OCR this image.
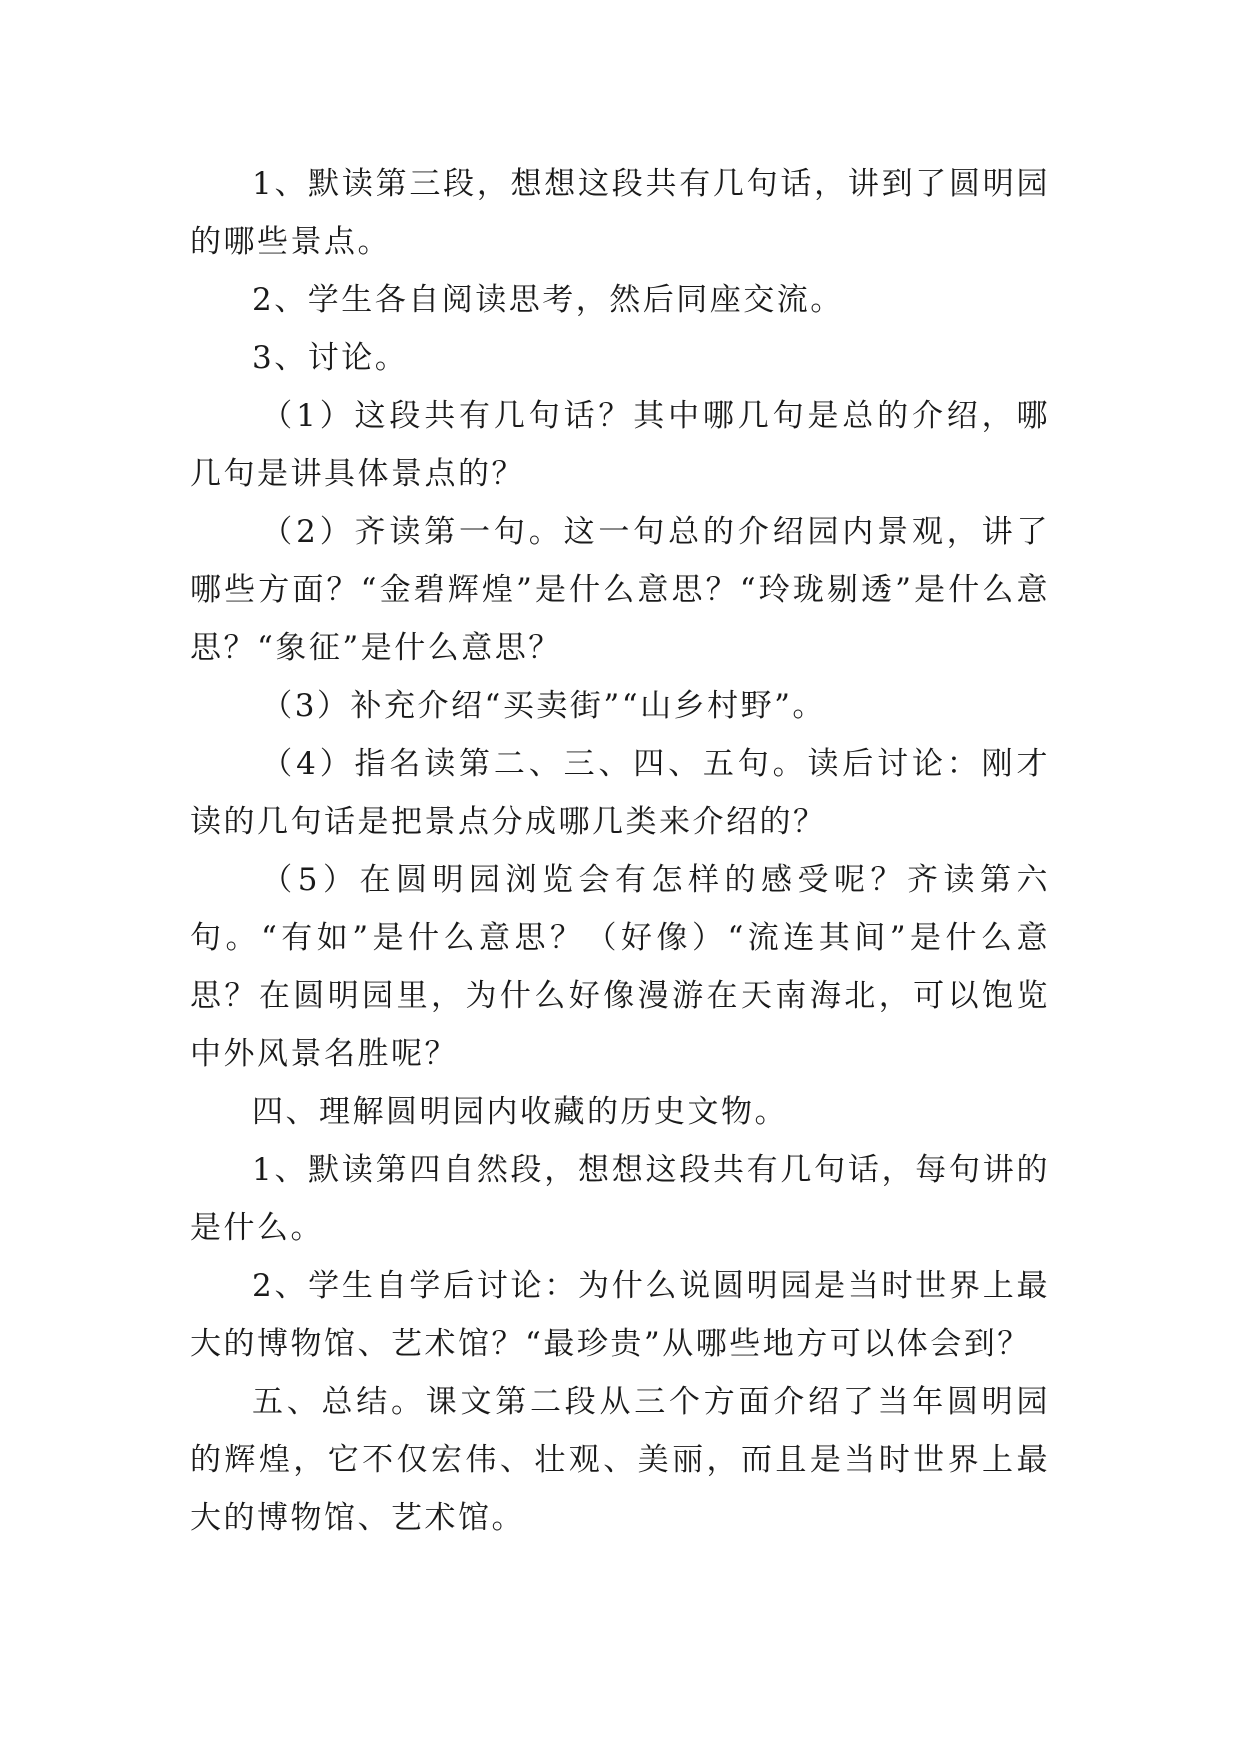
1、默读第三段，想想这段共有几句话，讲到了圆明园的哪些景点。

2、学生各自阅读思考，然后同座交流。

3、讨论。

（1）这段共有几句话？其中哪几句是总的介绍，哪几句是讲具体景点的？

（2）齐读第一句。这一句总的介绍园内景观，讲了哪些方面？“金碧辉煌”是什么意思？“玲珑剔透”是什么意思？“象征”是什么意思？

（3）补充介绍“买卖街”“山乡村野”。

（4）指名读第二、三、四、五句。读后讨论：刚才读的几句话是把景点分成哪几类来介绍的？

（5）在圆明园浏览会有怎样的感受呢？齐读第六句。“有如”是什么意思？（好像）“流连其间”是什么意思？在圆明园里，为什么好像漫游在天南海北，可以饱览中外风景名胜呢？

四、理解圆明园内收藏的历史文物。

1、默读第四自然段，想想这段共有几句话，每句讲的是什么。

2、学生自学后讨论：为什么说圆明园是当时世界上最大的博物馆、艺术馆？“最珍贵”从哪些地方可以体会到？

五、总结。课文第二段从三个方面介绍了当年圆明园的辉煌，它不仅宏伟、壮观、美丽，而且是当时世界上最大的博物馆、艺术馆。
